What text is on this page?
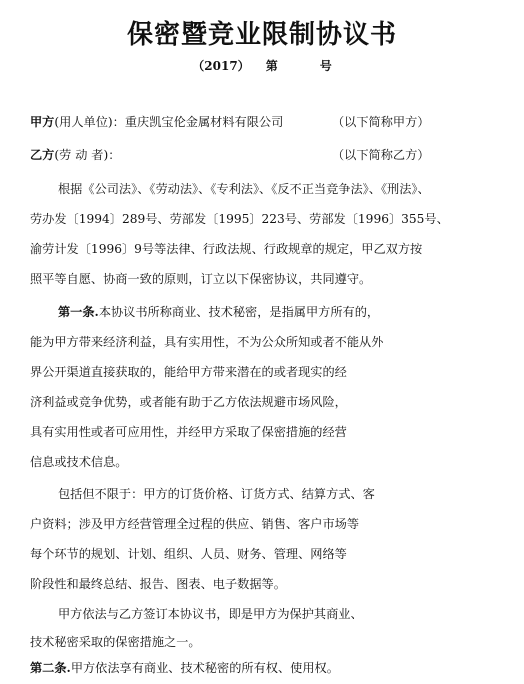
保密暨竞业限制协议书
（2017） 第	号
甲方(用人单位)：重庆凯宝伦金属材料有限公司	（以下简称甲方）
乙方(劳 动 者)：	（以下简称乙方）
根据《公司法》、《劳动法》、《专利法》、《反不正当竞争法》、《刑法》、
劳办发〔1994〕289号、劳部发〔1995〕223号、劳部发〔1996〕355号、
渝劳计发〔1996〕9号等法律、行政法规、行政规章的规定，甲乙双方按
照平等自愿、协商一致的原则，订立以下保密协议，共同遵守。
第一条.本协议书所称商业、技术秘密，是指属甲方所有的，
能为甲方带来经济利益，具有实用性，不为公众所知或者不能从外
界公开渠道直接获取的，能给甲方带来潜在的或者现实的经
济利益或竞争优势，或者能有助于乙方依法规避市场风险，
具有实用性或者可应用性，并经甲方采取了保密措施的经营
信息或技术信息。
包括但不限于：甲方的订货价格、订货方式、结算方式、客
户资料；涉及甲方经营管理全过程的供应、销售、客户市场等
每个环节的规划、计划、组织、人员、财务、管理、网络等
阶段性和最终总结、报告、图表、电子数据等。
甲方依法与乙方签订本协议书，即是甲方为保护其商业、
技术秘密采取的保密措施之一。
第二条.甲方依法享有商业、技术秘密的所有权、使用权。
